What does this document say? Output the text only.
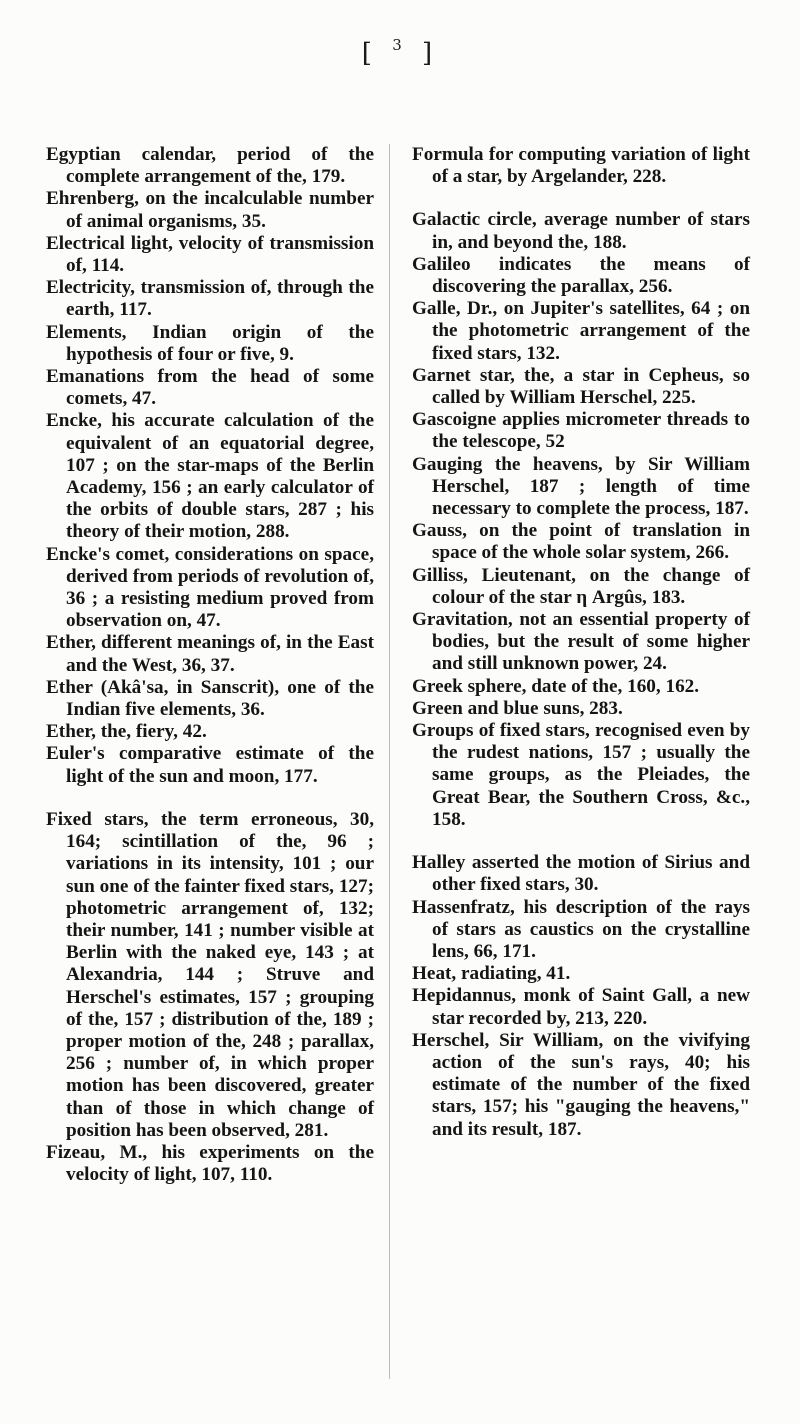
[ $^3$ ]

Egyptian calendar, period of the complete arrangement of the, 179.

Ehrenberg, on the incalculable number of animal organisms, 35.

Electrical light, velocity of transmission of, 114.

Electricity, transmission of, through the earth, 117.

Elements, Indian origin of the hypothesis of four or five, 9.

Emanations from the head of some comets, 47.

Encke, his accurate calculation of the equivalent of an equatorial degree, 107 ; on the star-maps of the Berlin Academy, 156 ; an early calculator of the orbits of double stars, 287 ; his theory of their motion, 288.

Encke's comet, considerations on space, derived from periods of revolution of, 36 ; a resisting medium proved from observation on, 47.

Ether, different meanings of, in the East and the West, 36, 37.

Ether (Akâ'sa, in Sanscrit), one of the Indian five elements, 36.

Ether, the, fiery, 42.

Euler's comparative estimate of the light of the sun and moon, 177.

Fixed stars, the term erroneous, 30, 164; scintillation of the, 96 ; variations in its intensity, 101 ; our sun one of the fainter fixed stars, 127; photometric arrangement of, 132; their number, 141 ; number visible at Berlin with the naked eye, 143 ; at Alexandria, 144 ; Struve and Herschel's estimates, 157 ; grouping of the, 157 ; distribution of the, 189 ; proper motion of the, 248 ; parallax, 256 ; number of, in which proper motion has been discovered, greater than of those in which change of position has been observed, 281.

Fizeau, M., his experiments on the velocity of light, 107, 110.

Formula for computing variation of light of a star, by Argelander, 228.

Galactic circle, average number of stars in, and beyond the, 188.

Galileo indicates the means of discovering the parallax, 256.

Galle, Dr., on Jupiter's satellites, 64 ; on the photometric arrangement of the fixed stars, 132.

Garnet star, the, a star in Cepheus, so called by William Herschel, 225.

Gascoigne applies micrometer threads to the telescope, 52

Gauging the heavens, by Sir William Herschel, 187 ; length of time necessary to complete the process, 187.

Gauss, on the point of translation in space of the whole solar system, 266.

Gilliss, Lieutenant, on the change of colour of the star η Argûs, 183.

Gravitation, not an essential property of bodies, but the result of some higher and still unknown power, 24.

Greek sphere, date of the, 160, 162.

Green and blue suns, 283.

Groups of fixed stars, recognised even by the rudest nations, 157 ; usually the same groups, as the Pleiades, the Great Bear, the Southern Cross, &c., 158.

Halley asserted the motion of Sirius and other fixed stars, 30.

Hassenfratz, his description of the rays of stars as caustics on the crystalline lens, 66, 171.

Heat, radiating, 41.

Hepidannus, monk of Saint Gall, a new star recorded by, 213, 220.

Herschel, Sir William, on the vivifying action of the sun's rays, 40; his estimate of the number of the fixed stars, 157; his "gauging the heavens," and its result, 187.
